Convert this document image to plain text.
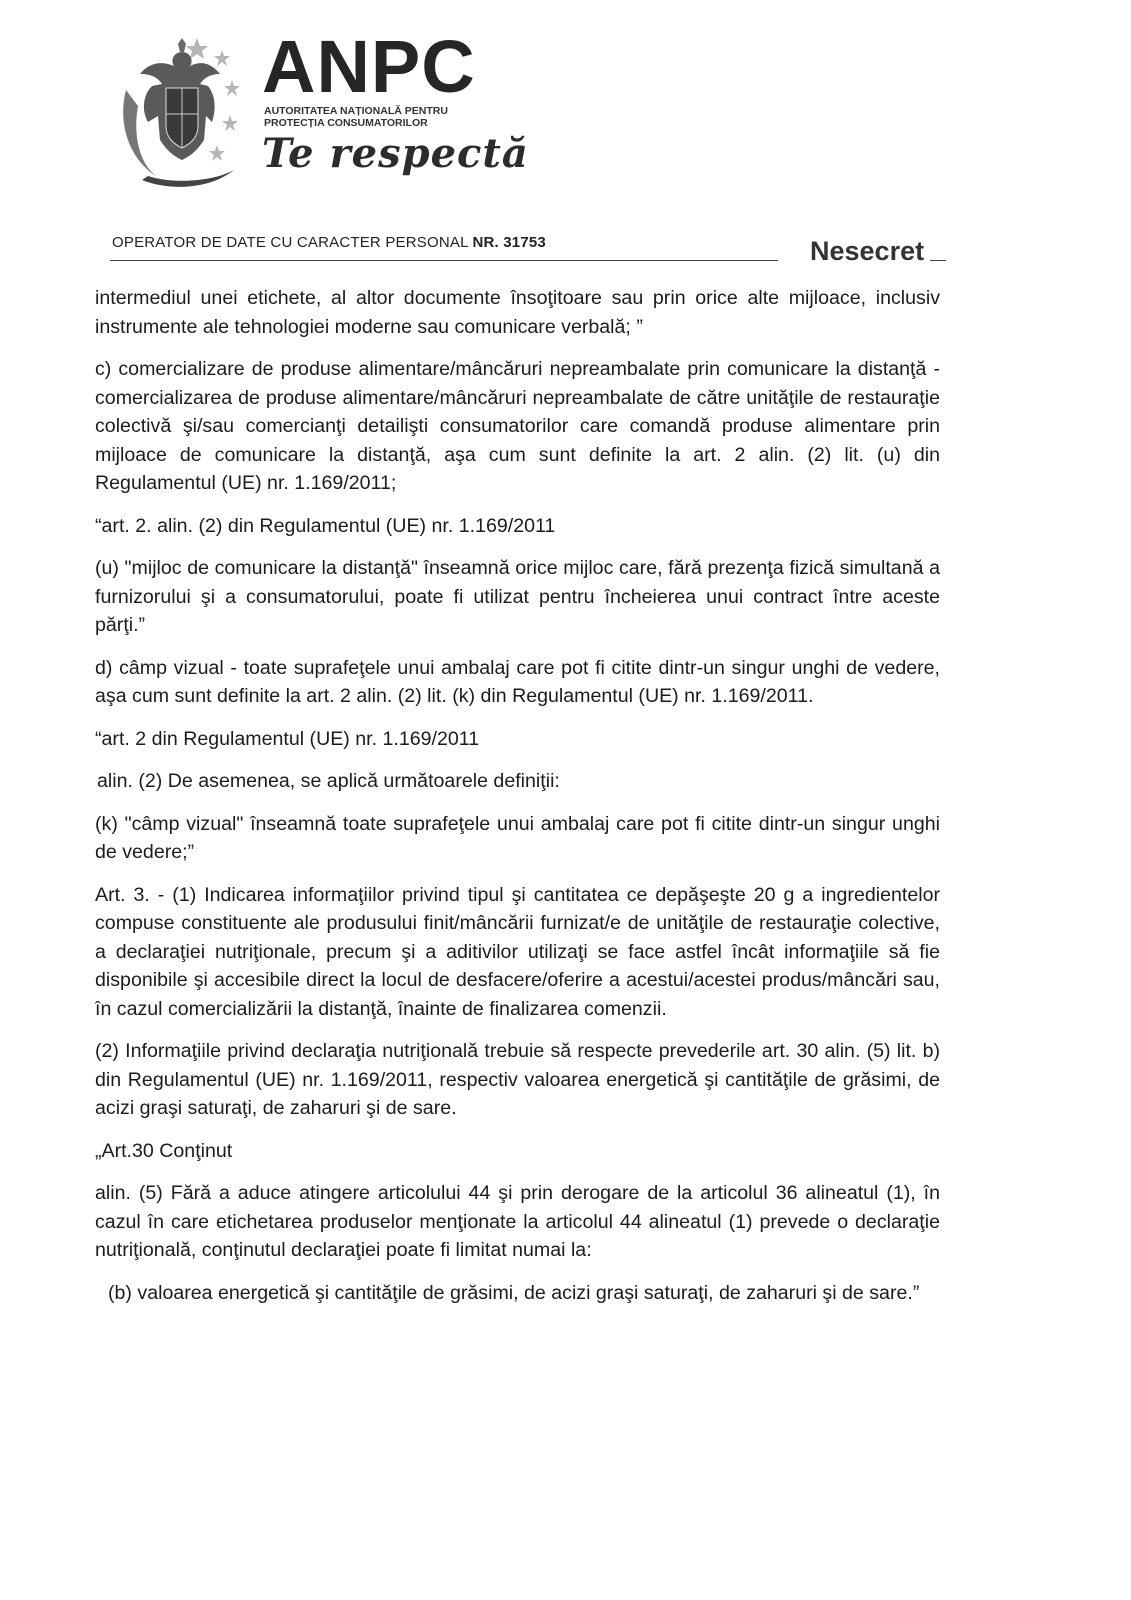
ANPC
AUTORITATEA NAȚIONALĂ PENTRU
PROTECȚIA CONSUMATORILOR
Te respectă
OPERATOR DE DATE CU CARACTER PERSONAL NR. 31753	Nesecret

intermediul unei etichete, al altor documente însoţitoare sau prin orice alte mijloace, inclusiv instrumente ale tehnologiei moderne sau comunicare verbală; ”

c) comercializare de produse alimentare/mâncăruri nepreambalate prin comunicare la distanţă - comercializarea de produse alimentare/mâncăruri nepreambalate de către unităţile de restauraţie colectivă şi/sau comercianţi detailişti consumatorilor care comandă produse alimentare prin mijloace de comunicare la distanţă, aşa cum sunt definite la art. 2 alin. (2) lit. (u) din Regulamentul (UE) nr. 1.169/2011;

“art. 2. alin. (2) din Regulamentul (UE) nr. 1.169/2011

(u) "mijloc de comunicare la distanţă" înseamnă orice mijloc care, fără prezenţa fizică simultană a furnizorului şi a consumatorului, poate fi utilizat pentru încheierea unui contract între aceste părţi.”

d) câmp vizual - toate suprafeţele unui ambalaj care pot fi citite dintr-un singur unghi de vedere, aşa cum sunt definite la art. 2 alin. (2) lit. (k) din Regulamentul (UE) nr. 1.169/2011.

“art. 2 din Regulamentul (UE) nr. 1.169/2011

alin. (2) De asemenea, se aplică următoarele definiţii:

(k) "câmp vizual" înseamnă toate suprafeţele unui ambalaj care pot fi citite dintr-un singur unghi de vedere;”

Art. 3. - (1) Indicarea informaţiilor privind tipul şi cantitatea ce depăşeşte 20 g a ingredientelor compuse constituente ale produsului finit/mâncării furnizat/e de unităţile de restauraţie colective, a declaraţiei nutriţionale, precum şi a aditivilor utilizaţi se face astfel încât informaţiile să fie disponibile şi accesibile direct la locul de desfacere/oferire a acestui/acestei produs/mâncări sau, în cazul comercializării la distanţă, înainte de finalizarea comenzii.

(2) Informaţiile privind declaraţia nutriţională trebuie să respecte prevederile art. 30 alin. (5) lit. b) din Regulamentul (UE) nr. 1.169/2011, respectiv valoarea energetică şi cantităţile de grăsimi, de acizi graşi saturaţi, de zaharuri şi de sare.

„Art.30 Conţinut

alin. (5) Fără a aduce atingere articolului 44 şi prin derogare de la articolul 36 alineatul (1), în cazul în care etichetarea produselor menţionate la articolul 44 alineatul (1) prevede o declaraţie nutriţională, conţinutul declaraţiei poate fi limitat numai la:

(b) valoarea energetică şi cantităţile de grăsimi, de acizi graşi saturaţi, de zaharuri şi de sare.”
